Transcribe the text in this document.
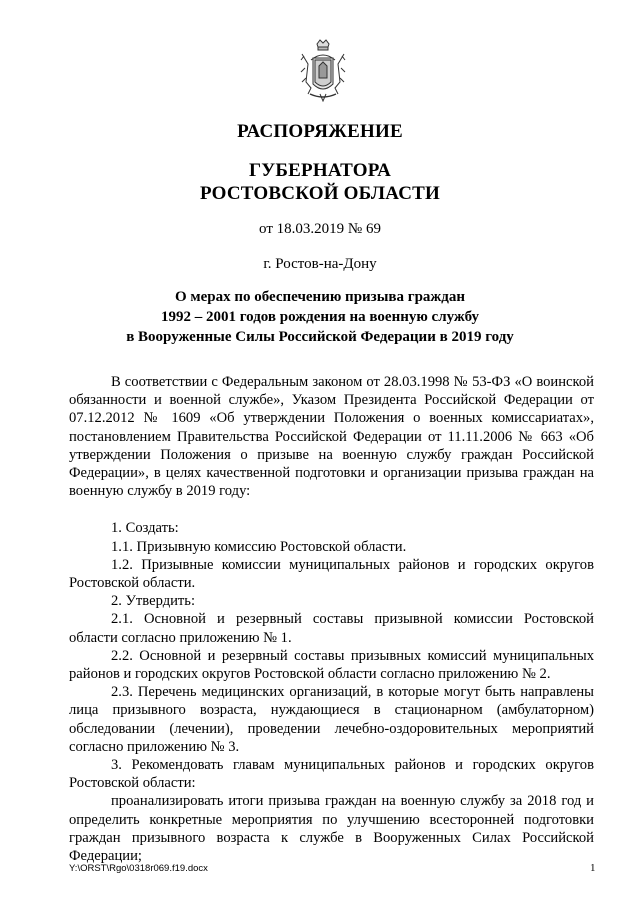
РАСПОРЯЖЕНИЕ
ГУБЕРНАТОРА
РОСТОВСКОЙ ОБЛАСТИ
от 18.03.2019 № 69
г. Ростов-на-Дону
О мерах по обеспечению призыва граждан
1992 – 2001 годов рождения на военную службу
в Вооруженные Силы Российской Федерации в 2019 году

В соответствии с Федеральным законом от 28.03.1998 № 53-ФЗ «О воинской обязанности и военной службе», Указом Президента Российской Федерации от 07.12.2012 № 1609 «Об утверждении Положения о военных комиссариатах», постановлением Правительства Российской Федерации от 11.11.2006 № 663 «Об утверждении Положения о призыве на военную службу граждан Российской Федерации», в целях качественной подготовки и организации призыва граждан на военную службу в 2019 году:

1. Создать:

1.1. Призывную комиссию Ростовской области.

1.2. Призывные комиссии муниципальных районов и городских округов Ростовской области.

2. Утвердить:

2.1. Основной и резервный составы призывной комиссии Ростовской области согласно приложению № 1.

2.2. Основной и резервный составы призывных комиссий муниципальных районов и городских округов Ростовской области согласно приложению № 2.

2.3. Перечень медицинских организаций, в которые могут быть направлены лица призывного возраста, нуждающиеся в стационарном (амбулаторном) обследовании (лечении), проведении лечебно-оздоровительных мероприятий согласно приложению № 3.

3. Рекомендовать главам муниципальных районов и городских округов Ростовской области:

проанализировать итоги призыва граждан на военную службу за 2018 год и определить конкретные мероприятия по улучшению всесторонней подготовки граждан призывного возраста к службе в Вооруженных Силах Российской Федерации;

Y:\ORST\Rgo\0318r069.f19.docx	1
